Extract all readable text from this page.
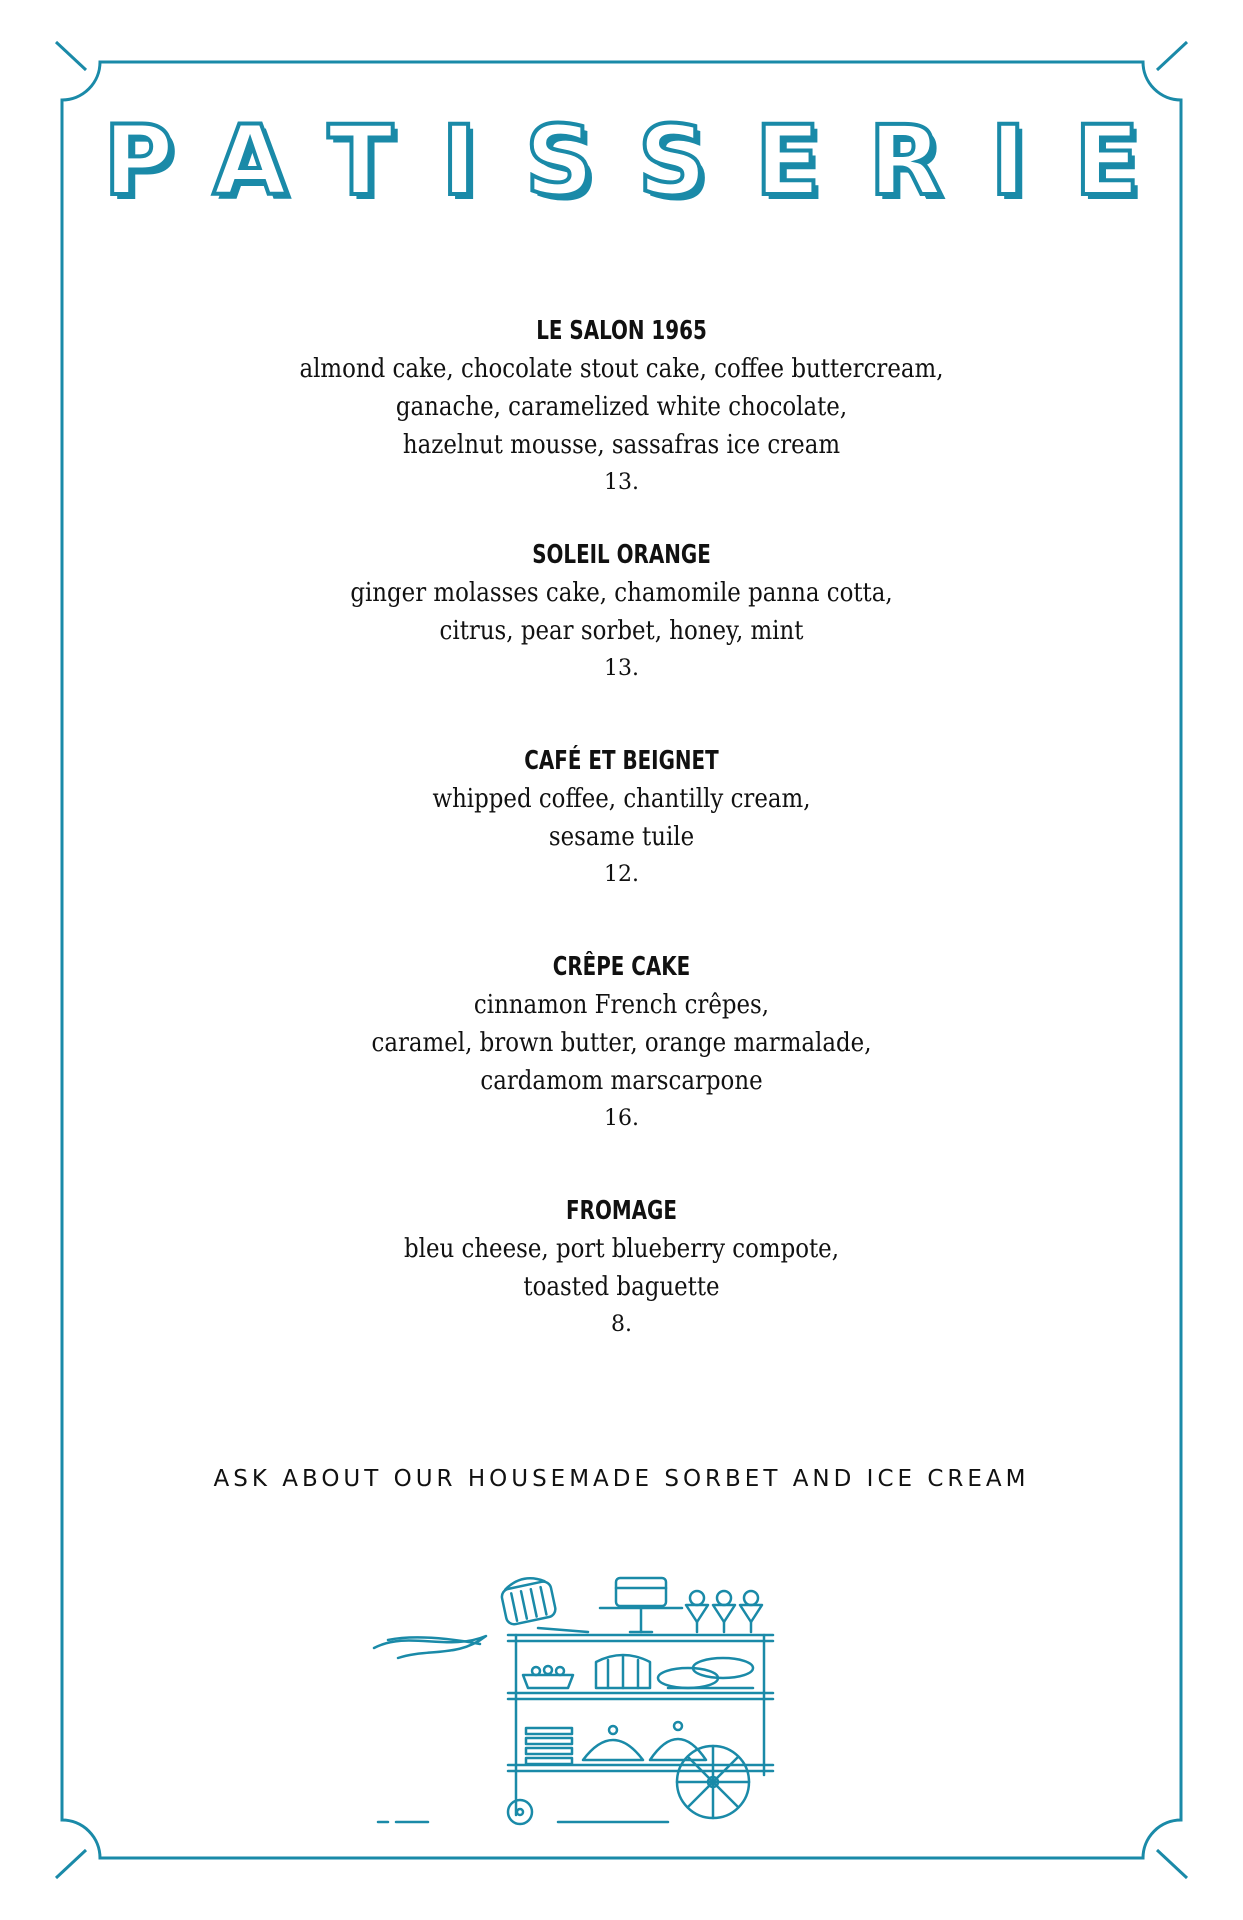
PATISSERIE
LE SALON 1965
almond cake, chocolate stout cake, coffee buttercream,
ganache, caramelized white chocolate,
hazelnut mousse, sassafras ice cream
13.
SOLEIL ORANGE
ginger molasses cake, chamomile panna cotta,
citrus, pear sorbet, honey, mint
13.
CAFÉ ET BEIGNET
whipped coffee, chantilly cream,
sesame tuile
12.
CRÊPE CAKE
cinnamon French crêpes,
caramel, brown butter, orange marmalade,
cardamom marscarpone
16.
FROMAGE
bleu cheese, port blueberry compote,
toasted baguette
8.
ASK ABOUT OUR HOUSEMADE SORBET AND ICE CREAM
